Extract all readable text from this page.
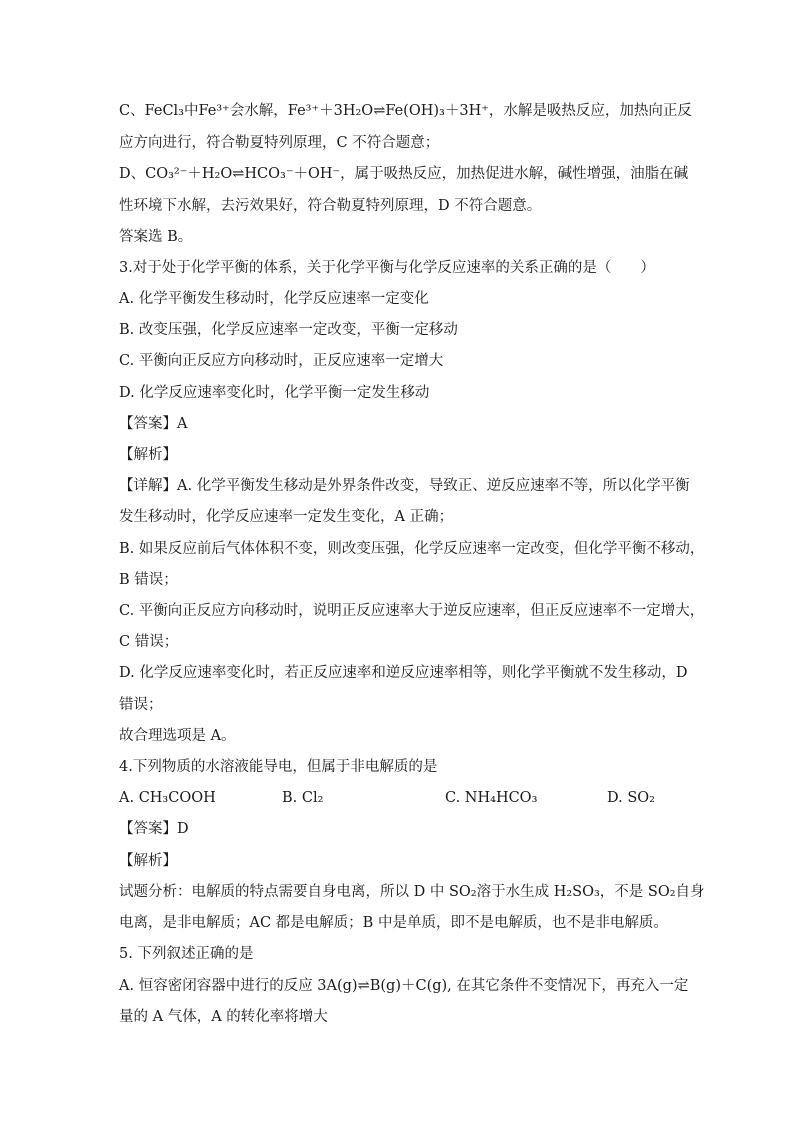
C、FeCl₃中Fe³⁺会水解，Fe³⁺＋3H₂O⇌Fe(OH)₃＋3H⁺，水解是吸热反应，加热向正反
应方向进行，符合勒夏特列原理，C 不符合题意；
D、CO₃²⁻＋H₂O⇌HCO₃⁻＋OH⁻，属于吸热反应，加热促进水解，碱性增强，油脂在碱
性环境下水解，去污效果好，符合勒夏特列原理，D 不符合题意。
答案选 B。
3.对于处于化学平衡的体系，关于化学平衡与化学反应速率的关系正确的是（　　）
A. 化学平衡发生移动时，化学反应速率一定变化
B. 改变压强，化学反应速率一定改变，平衡一定移动
C. 平衡向正反应方向移动时，正反应速率一定增大
D. 化学反应速率变化时，化学平衡一定发生移动
【答案】A
【解析】
【详解】A. 化学平衡发生移动是外界条件改变，导致正、逆反应速率不等，所以化学平衡
发生移动时，化学反应速率一定发生变化，A 正确；
B. 如果反应前后气体体积不变，则改变压强，化学反应速率一定改变，但化学平衡不移动，
B 错误；
C. 平衡向正反应方向移动时，说明正反应速率大于逆反应速率，但正反应速率不一定增大，
C 错误；
D. 化学反应速率变化时，若正反应速率和逆反应速率相等，则化学平衡就不发生移动，D
错误；
故合理选项是 A。
4.下列物质的水溶液能导电，但属于非电解质的是
A. CH₃COOH	B. Cl₂	C. NH₄HCO₃	D. SO₂
【答案】D
【解析】
试题分析：电解质的特点需要自身电离，所以 D 中 SO₂溶于水生成 H₂SO₃，不是 SO₂自身
电离，是非电解质；AC 都是电解质；B 中是单质，即不是电解质，也不是非电解质。
5. 下列叙述正确的是
A. 恒容密闭容器中进行的反应 3A(g)⇌B(g)＋C(g), 在其它条件不变情况下，再充入一定
量的 A 气体，A 的转化率将增大
